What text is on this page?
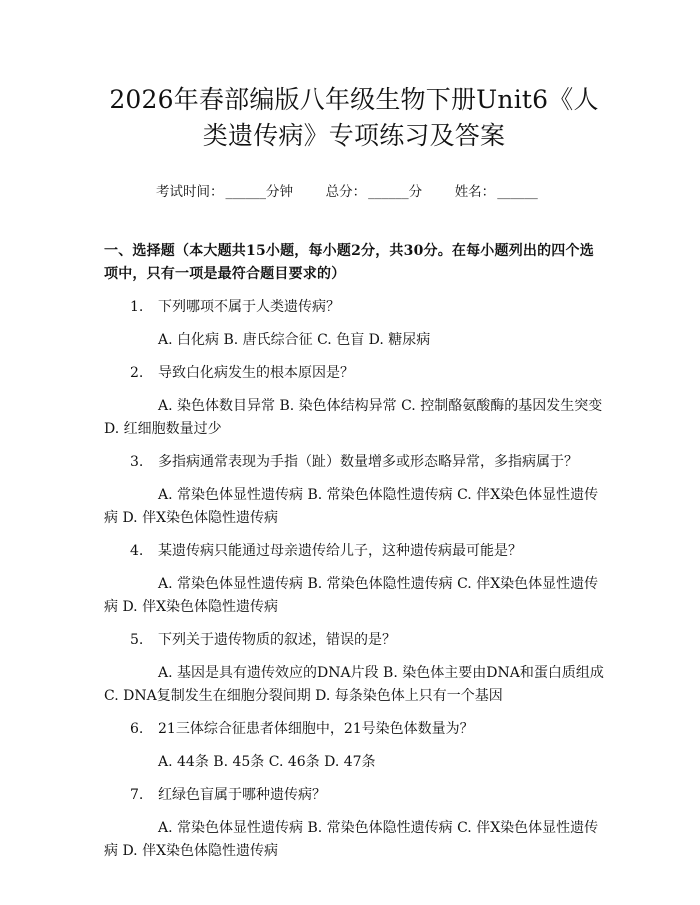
2026年春部编版八年级生物下册Unit6《人
类遗传病》专项练习及答案
考试时间： ______分钟 总分： ______分 姓名： ______
一、选择题（本大题共15小题，每小题2分，共30分。在每小题列出的四个选项中，只有一项是最符合题目要求的）
1. 下列哪项不属于人类遗传病？
A. 白化病 B. 唐氏综合征 C. 色盲 D. 糖尿病
2. 导致白化病发生的根本原因是？
A. 染色体数目异常 B. 染色体结构异常 C. 控制酪氨酸酶的基因发生突变 D. 红细胞数量过少
3. 多指病通常表现为手指（趾）数量增多或形态略异常，多指病属于？
A. 常染色体显性遗传病 B. 常染色体隐性遗传病 C. 伴X染色体显性遗传病 D. 伴X染色体隐性遗传病
4. 某遗传病只能通过母亲遗传给儿子，这种遗传病最可能是？
A. 常染色体显性遗传病 B. 常染色体隐性遗传病 C. 伴X染色体显性遗传病 D. 伴X染色体隐性遗传病
5. 下列关于遗传物质的叙述，错误的是？
A. 基因是具有遗传效应的DNA片段 B. 染色体主要由DNA和蛋白质组成 C. DNA复制发生在细胞分裂间期 D. 每条染色体上只有一个基因
6. 21三体综合征患者体细胞中，21号染色体数量为？
A. 44条 B. 45条 C. 46条 D. 47条
7. 红绿色盲属于哪种遗传病？
A. 常染色体显性遗传病 B. 常染色体隐性遗传病 C. 伴X染色体显性遗传病 D. 伴X染色体隐性遗传病
